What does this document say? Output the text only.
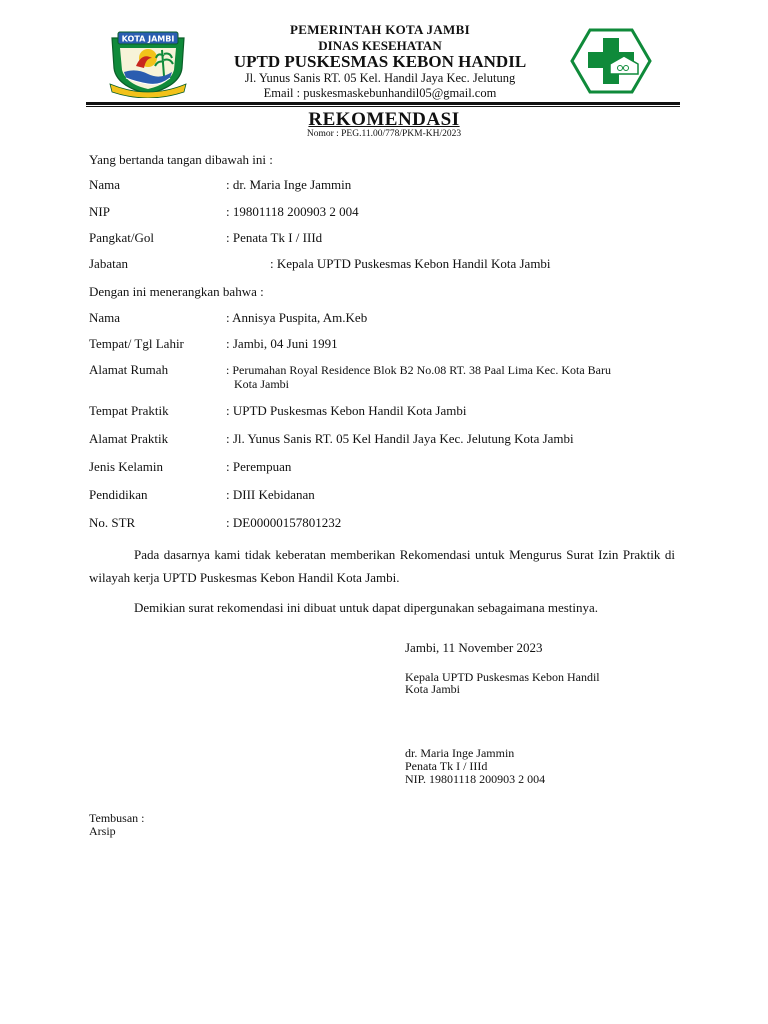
KOTA JAMBI
PEMERINTAH KOTA JAMBI
DINAS KESEHATAN
UPTD PUSKESMAS KEBON HANDIL
Jl. Yunus Sanis RT. 05 Kel. Handil Jaya Kec. Jelutung
Email : puskesmaskebunhandil05@gmail.com
REKOMENDASI
Nomor : PEG.11.00/778/PKM-KH/2023
Yang bertanda tangan dibawah ini :
Nama	: dr. Maria Inge Jammin
NIP	: 19801118 200903 2 004
Pangkat/Gol	: Penata Tk I / IIId
Jabatan	: Kepala UPTD Puskesmas Kebon Handil Kota Jambi
Dengan ini menerangkan bahwa :
Nama	: Annisya Puspita, Am.Keb
Tempat/ Tgl Lahir	: Jambi, 04 Juni 1991
Alamat Rumah	: Perumahan Royal Residence Blok B2 No.08 RT. 38 Paal Lima Kec. Kota Baru
Kota Jambi
Tempat Praktik	: UPTD Puskesmas Kebon Handil Kota Jambi
Alamat Praktik	: Jl. Yunus Sanis RT. 05 Kel Handil Jaya Kec. Jelutung Kota Jambi
Jenis Kelamin	: Perempuan
Pendidikan	: DIII Kebidanan
No. STR	: DE00000157801232
Pada dasarnya kami tidak keberatan memberikan Rekomendasi untuk Mengurus Surat Izin Praktik di wilayah kerja UPTD Puskesmas Kebon Handil Kota Jambi.
Demikian surat rekomendasi ini dibuat untuk dapat dipergunakan sebagaimana mestinya.
Jambi, 11 November 2023
Kepala UPTD Puskesmas Kebon Handil
Kota Jambi
dr. Maria Inge Jammin
Penata Tk I / IIId
NIP. 19801118 200903 2 004
Tembusan :
Arsip
